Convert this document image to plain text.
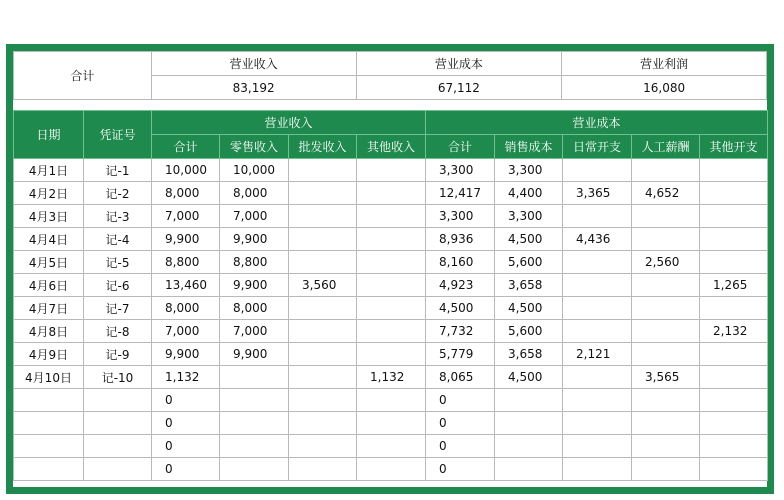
合计	营业收入	营业成本	营业利润
	83,192	67,112	16,080
日期	凭证号	营业收入				营业成本				
		合计	零售收入	批发收入	其他收入	合计	销售成本	日常开支	人工薪酬	其他开支
4月1日	记-1	10,000	10,000			3,300	3,300			
4月2日	记-2	8,000	8,000			12,417	4,400	3,365	4,652	
4月3日	记-3	7,000	7,000			3,300	3,300			
4月4日	记-4	9,900	9,900			8,936	4,500	4,436		
4月5日	记-5	8,800	8,800			8,160	5,600		2,560	
4月6日	记-6	13,460	9,900	3,560		4,923	3,658			1,265
4月7日	记-7	8,000	8,000			4,500	4,500			
4月8日	记-8	7,000	7,000			7,732	5,600			2,132
4月9日	记-9	9,900	9,900			5,779	3,658	2,121		
4月10日	记-10	1,132			1,132	8,065	4,500		3,565	
		0				0				
		0				0				
		0				0				
		0				0				
